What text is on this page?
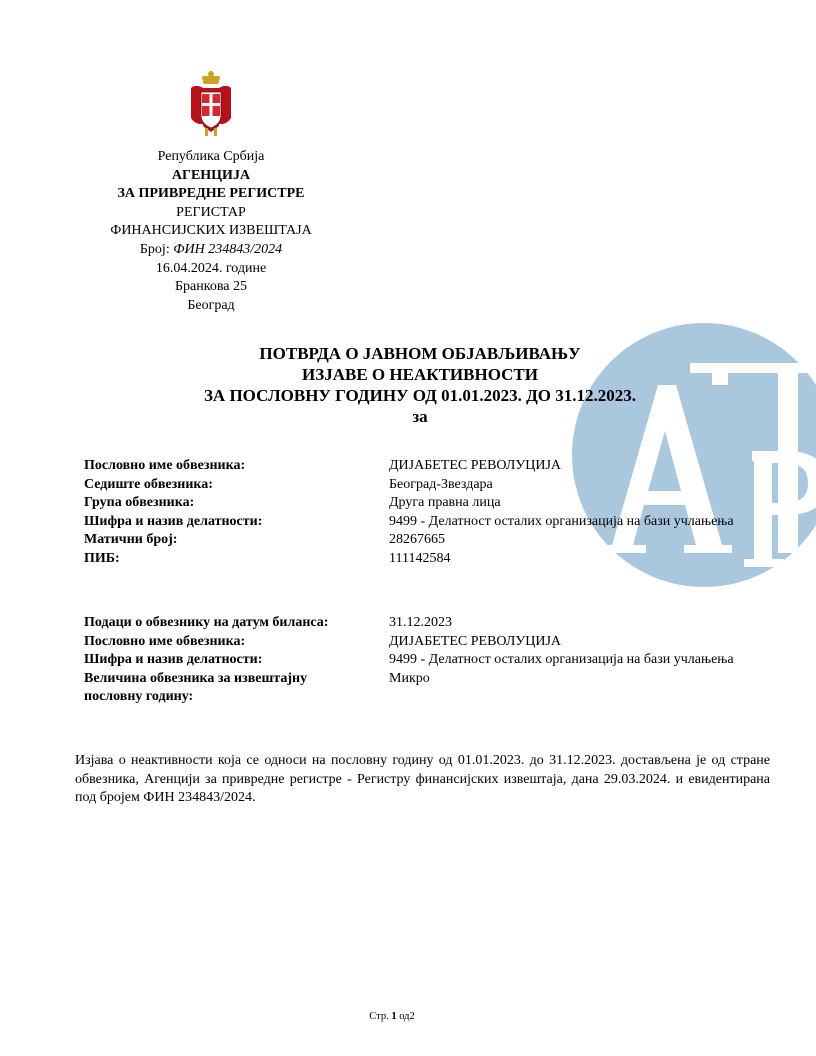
Република Србија
АГЕНЦИЈА
ЗА ПРИВРЕДНЕ РЕГИСТРЕ
РЕГИСТАР
ФИНАНСИЈСКИХ ИЗВЕШТАЈА
Број: ФИН 234843/2024
16.04.2024. године
Бранкова 25
Београд
ПОТВРДА О ЈАВНОМ ОБЈАВЉИВАЊУ
ИЗЈАВЕ О НЕАКТИВНОСТИ
ЗА ПОСЛОВНУ ГОДИНУ ОД 01.01.2023. ДО 31.12.2023.
за
Пословно име обвезника:	ДИЈАБЕТЕС РЕВОЛУЦИЈА
Седиште обвезника:	Београд-Звездара
Група обвезника:	Друга правна лица
Шифра и назив делатности:	9499 - Делатност осталих организација на бази учлањења
Матични број:	28267665
ПИБ:	111142584
Подаци о обвезнику на датум биланса:	31.12.2023
Пословно име обвезника:	ДИЈАБЕТЕС РЕВОЛУЦИЈА
Шифра и назив делатности:	9499 - Делатност осталих организација на бази учлањења
Величина обвезника за извештајну пословну годину:
Микро
Изјава о неактивности која се односи на пословну годину од 01.01.2023. до 31.12.2023. достављена је од стране обвезника, Агенцији за привредне регистре - Регистру финансијских извештаја, дана 29.03.2024. и евидентирана под бројем ФИН 234843/2024.
Стр. 1 од2
